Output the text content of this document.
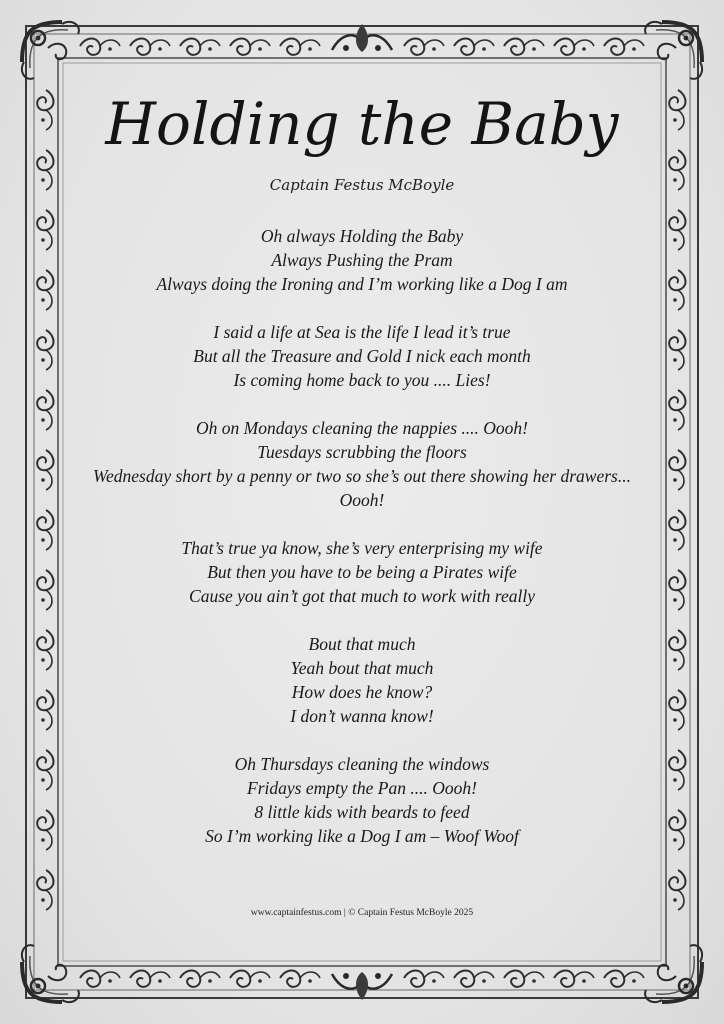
Holding the Baby
Captain Festus McBoyle
Oh always Holding the Baby
Always Pushing the Pram
Always doing the Ironing and I’m working like a Dog I am
I said a life at Sea is the life I lead it’s true
But all the Treasure and Gold I nick each month
Is coming home back to you .... Lies!
Oh on Mondays cleaning the nappies .... Oooh!
Tuesdays scrubbing the floors
Wednesday short by a penny or two so she’s out there showing her drawers...
Oooh!
That’s true ya know, she’s very enterprising my wife
But then you have to be being a Pirates wife
Cause you ain’t got that much to work with really
Bout that much
Yeah bout that much
How does he know?
I don’t wanna know!
Oh Thursdays cleaning the windows
Fridays empty the Pan .... Oooh!
8 little kids with beards to feed
So I’m working like a Dog I am – Woof Woof
www.captainfestus.com | © Captain Festus McBoyle 2025
